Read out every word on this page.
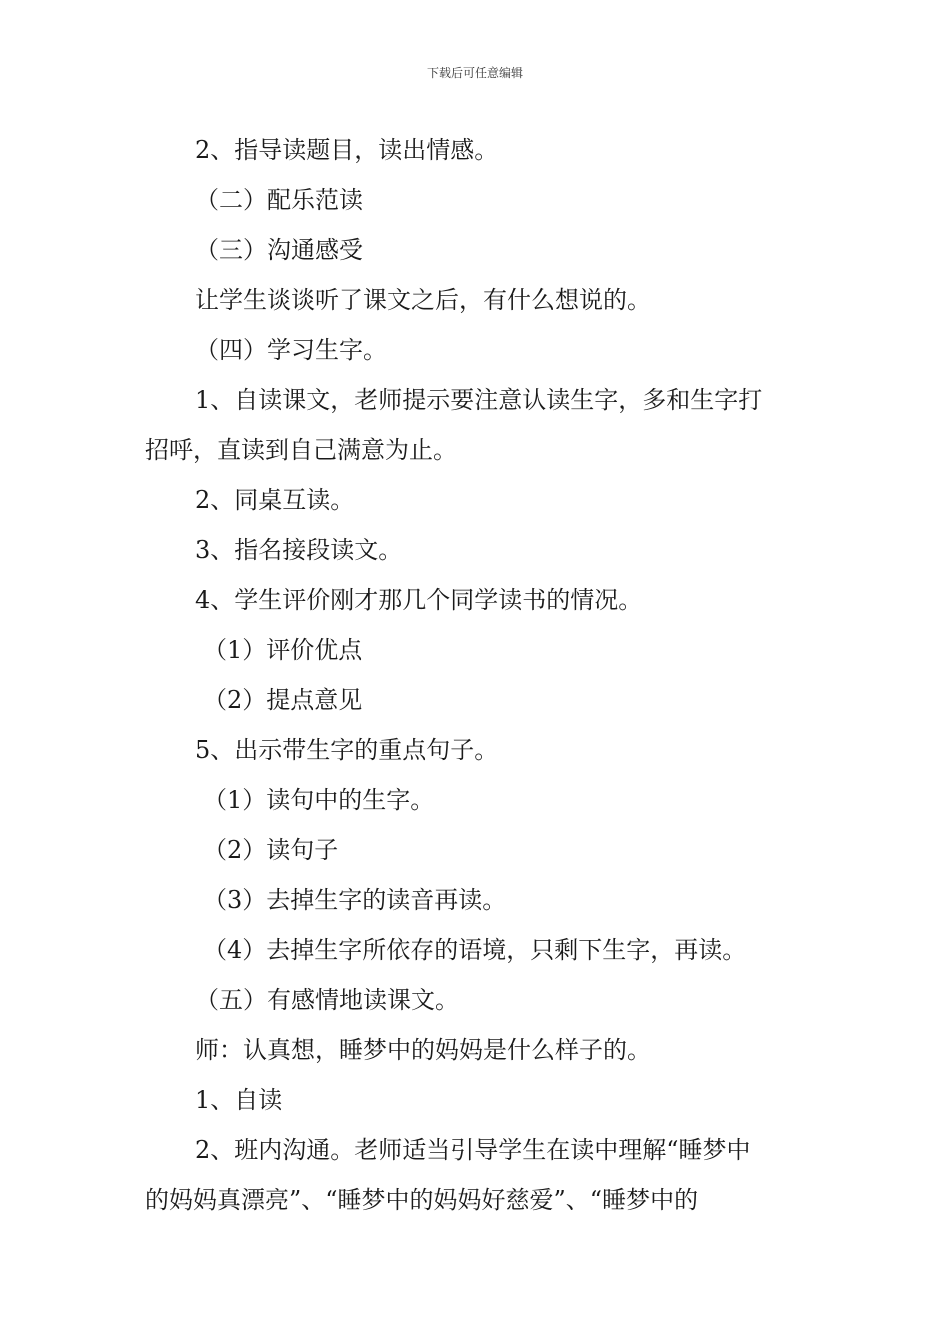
下载后可任意编辑
2、指导读题目，读出情感。
（二）配乐范读
（三）沟通感受
让学生谈谈听了课文之后，有什么想说的。
（四）学习生字。
1、自读课文，老师提示要注意认读生字，多和生字打
招呼，直读到自己满意为止。
2、同桌互读。
3、指名接段读文。
4、学生评价刚才那几个同学读书的情况。
（1）评价优点
（2）提点意见
5、出示带生字的重点句子。
（1）读句中的生字。
（2）读句子
（3）去掉生字的读音再读。
（4）去掉生字所依存的语境，只剩下生字，再读。
（五）有感情地读课文。
师：认真想，睡梦中的妈妈是什么样子的。
1、自读
2、班内沟通。老师适当引导学生在读中理解“睡梦中
的妈妈真漂亮”、“睡梦中的妈妈好慈爱”、“睡梦中的
